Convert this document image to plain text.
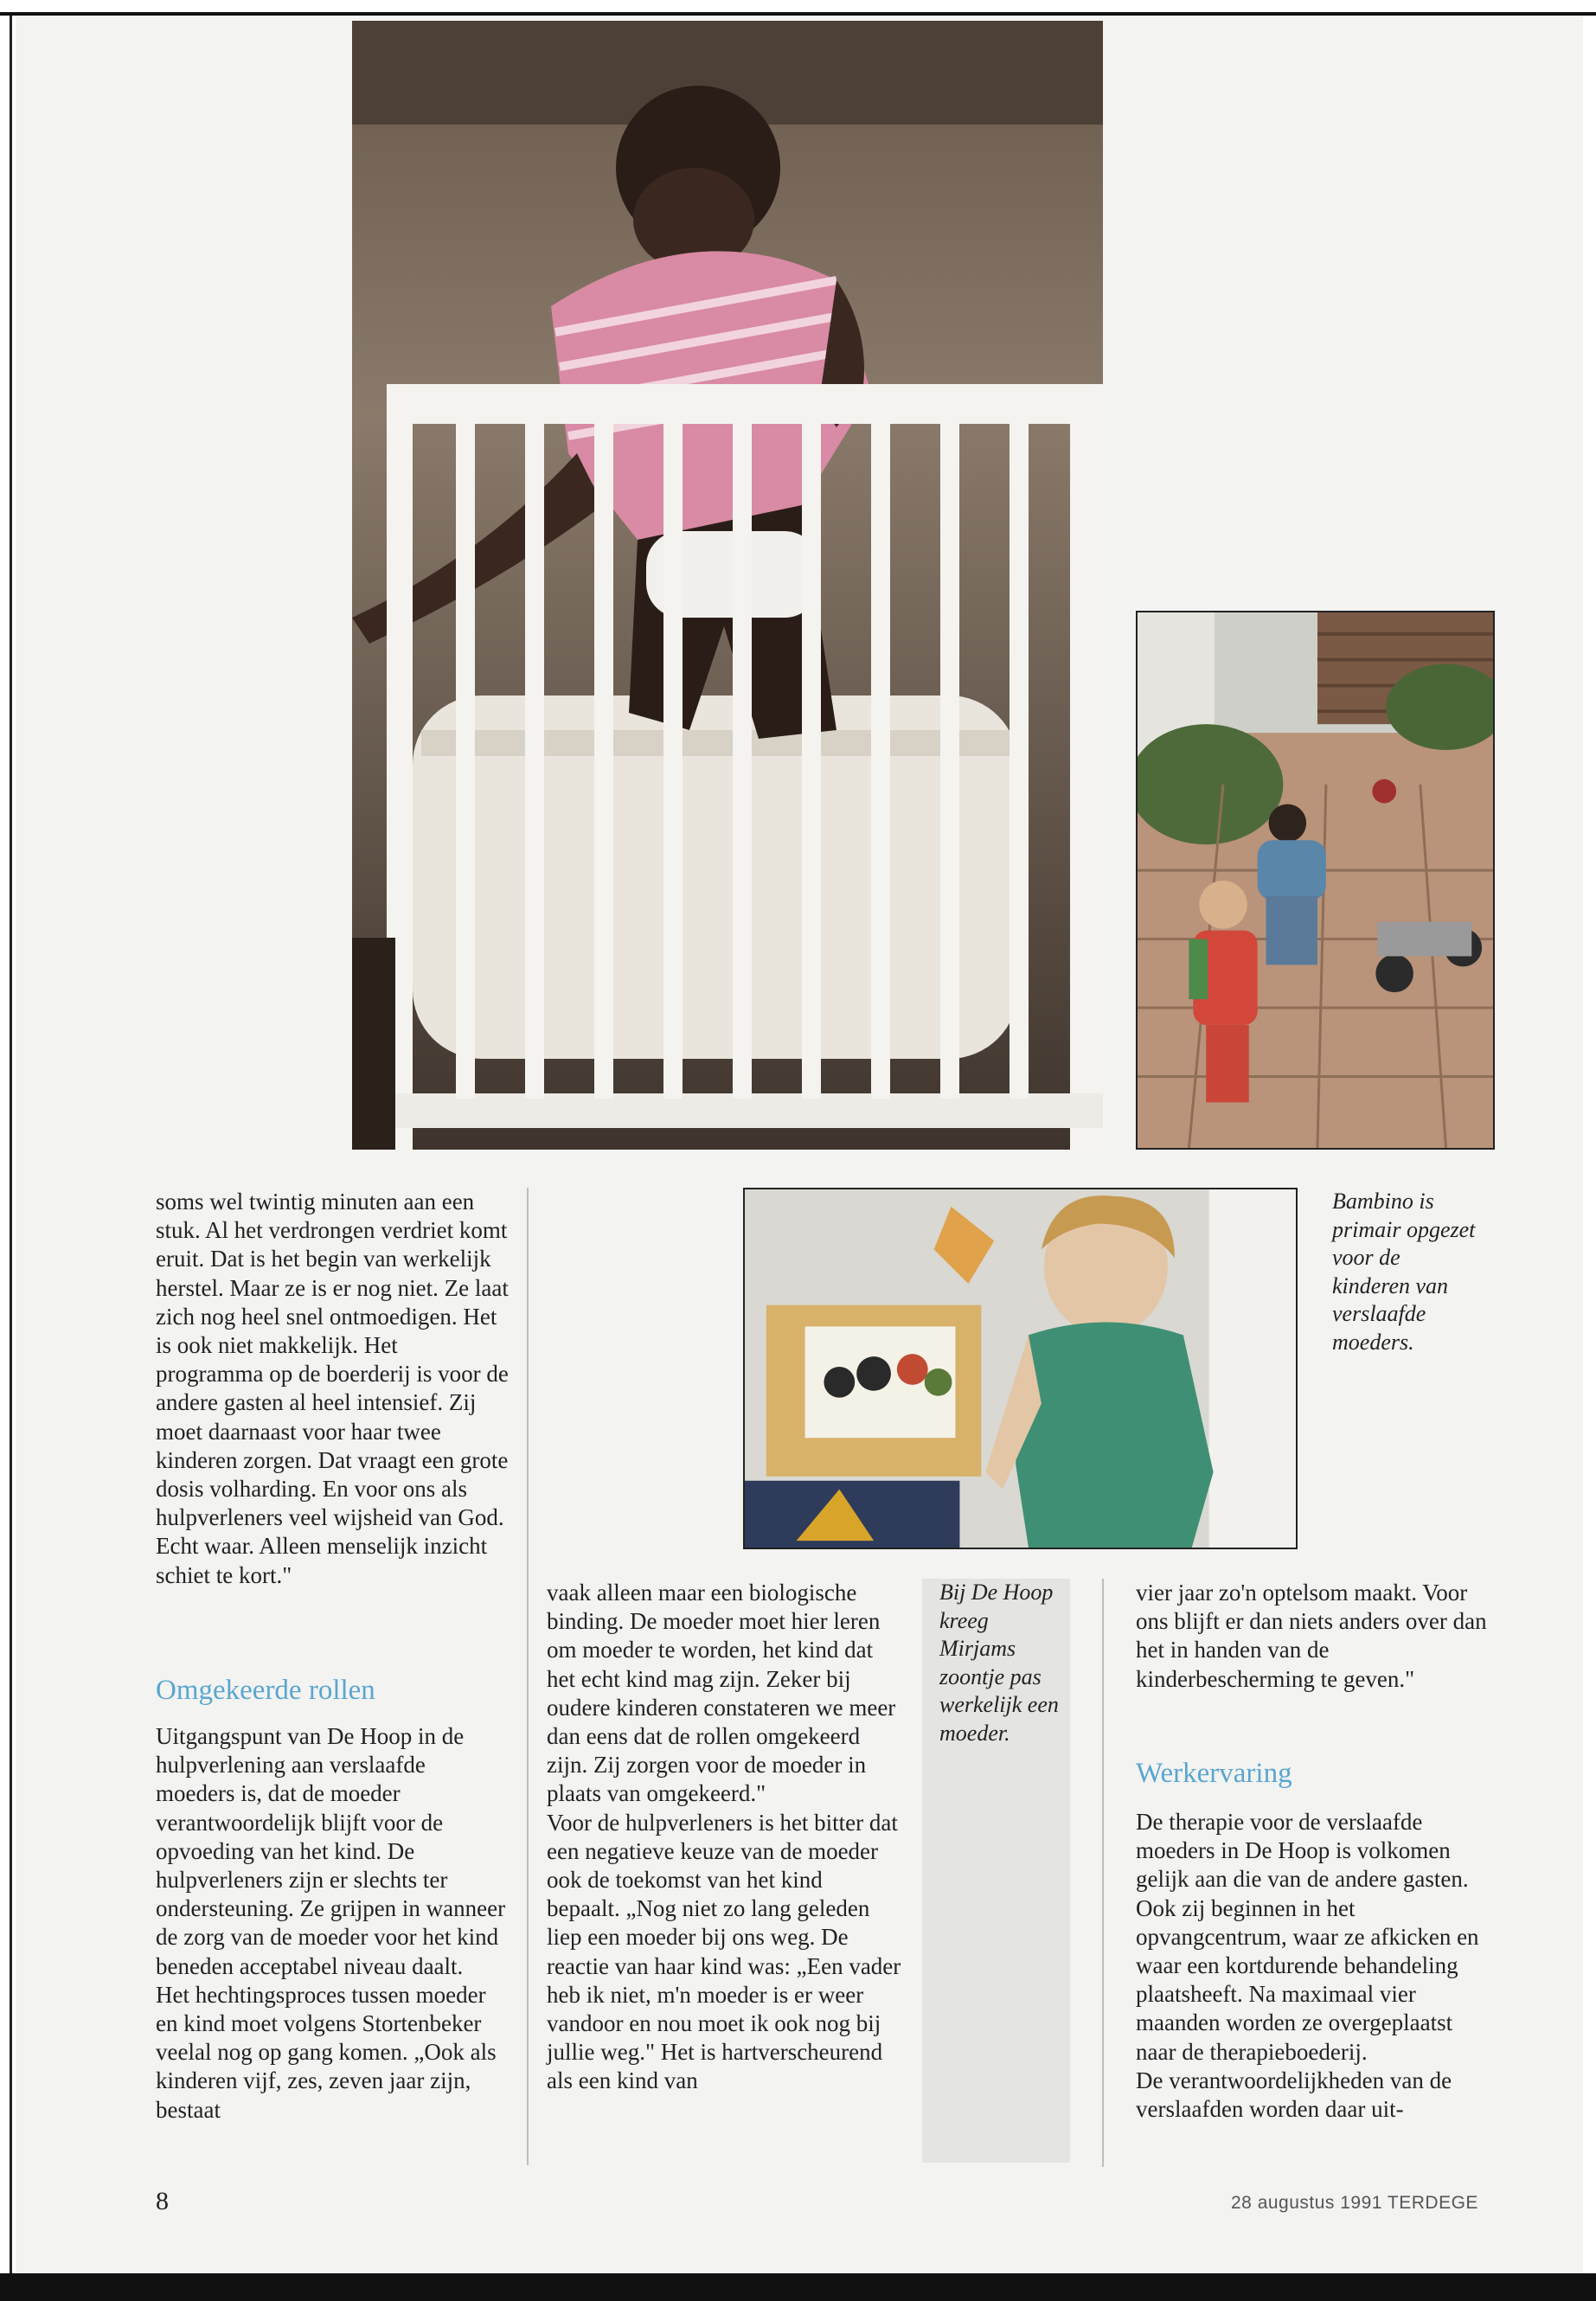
soms wel twintig minuten aan een stuk. Al het verdrongen verdriet komt eruit. Dat is het begin van werkelijk herstel. Maar ze is er nog niet. Ze laat zich nog heel snel ontmoedigen. Het is ook niet makkelijk. Het programma op de boerderij is voor de andere gasten al heel intensief. Zij moet daarnaast voor haar twee kinderen zorgen. Dat vraagt een grote dosis volharding. En voor ons als hulpverleners veel wijsheid van God. Echt waar. Alleen menselijk inzicht schiet te kort."

Omgekeerde rollen

Uitgangspunt van De Hoop in de hulpverlening aan verslaafde moeders is, dat de moeder verantwoordelijk blijft voor de opvoeding van het kind. De hulpverleners zijn er slechts ter ondersteuning. Ze grijpen in wanneer de zorg van de moeder voor het kind beneden acceptabel niveau daalt.

Het hechtingsproces tussen moeder en kind moet volgens Stortenbeker veelal nog op gang komen. „Ook als kinderen vijf, zes, zeven jaar zijn, bestaat

vaak alleen maar een biologische binding. De moeder moet hier leren om moeder te worden, het kind dat het echt kind mag zijn. Zeker bij oudere kinderen constateren we meer dan eens dat de rollen omgekeerd zijn. Zij zorgen voor de moeder in plaats van omgekeerd."

Voor de hulpverleners is het bitter dat een negatieve keuze van de moeder ook de toekomst van het kind bepaalt. „Nog niet zo lang geleden liep een moeder bij ons weg. De reactie van haar kind was: „Een vader heb ik niet, m'n moeder is er weer vandoor en nou moet ik ook nog bij jullie weg." Het is hartverscheurend als een kind van

Bij De Hoop kreeg Mirjams zoontje pas werkelijk een moeder.

vier jaar zo'n optelsom maakt. Voor ons blijft er dan niets anders over dan het in handen van de kinderbescherming te geven."

Werkervaring

De therapie voor de verslaafde moeders in De Hoop is volkomen gelijk aan die van de andere gasten. Ook zij beginnen in het opvangcentrum, waar ze afkicken en waar een kortdurende behandeling plaatsheeft. Na maximaal vier maanden worden ze overgeplaatst naar de therapieboederij.

De verantwoordelijkheden van de verslaafden worden daar uit-

Bambino is primair opgezet voor de kinderen van verslaafde moeders.
8	28 augustus 1991 TERDEGE
